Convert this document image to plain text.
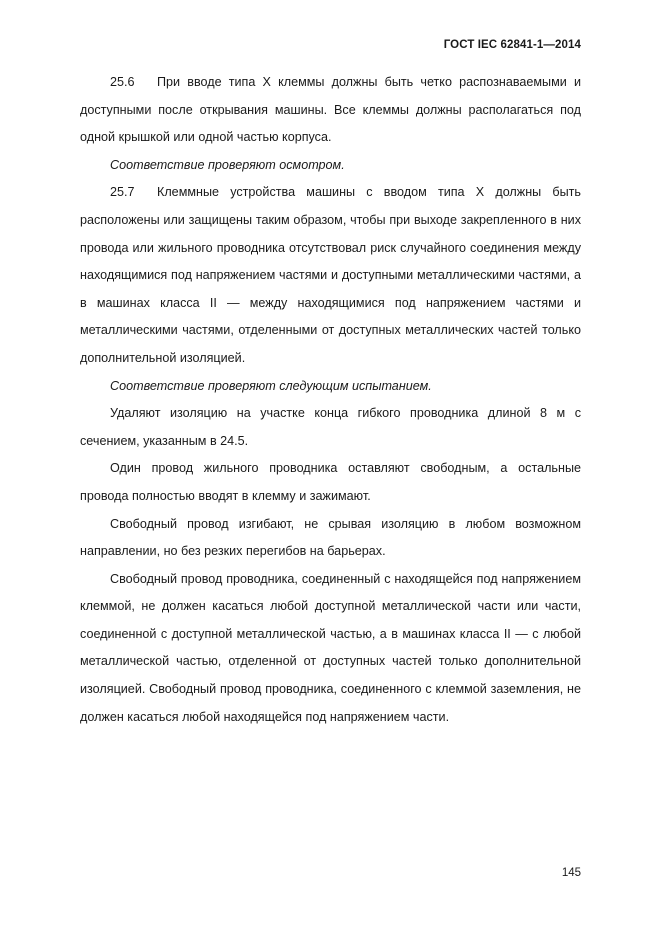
ГОСТ IEC 62841-1—2014

25.6 При вводе типа X клеммы должны быть четко распознаваемыми и доступными после открывания машины. Все клеммы должны располагаться под одной крышкой или одной частью корпуса.

Соответствие проверяют осмотром.

25.7 Клеммные устройства машины с вводом типа X должны быть расположены или защищены таким образом, чтобы при выходе закрепленного в них провода или жильного проводника отсутствовал риск случайного соединения между находящимися под напряжением частями и доступными металлическими частями, а в машинах класса II — между находящимися под напряжением частями и металлическими частями, отделенными от доступных металлических частей только дополнительной изоляцией.

Соответствие проверяют следующим испытанием.

Удаляют изоляцию на участке конца гибкого проводника длиной 8 м с сечением, указанным в 24.5.

Один провод жильного проводника оставляют свободным, а остальные провода полностью вводят в клемму и зажимают.

Свободный провод изгибают, не срывая изоляцию в любом возможном направлении, но без резких перегибов на барьерах.

Свободный провод проводника, соединенный с находящейся под напряжением клеммой, не должен касаться любой доступной металлической части или части, соединенной с доступной металлической частью, а в машинах класса II — с любой металлической частью, отделенной от доступных частей только дополнительной изоляцией. Свободный провод проводника, соединенного с клеммой заземления, не должен касаться любой находящейся под напряжением части.

145
